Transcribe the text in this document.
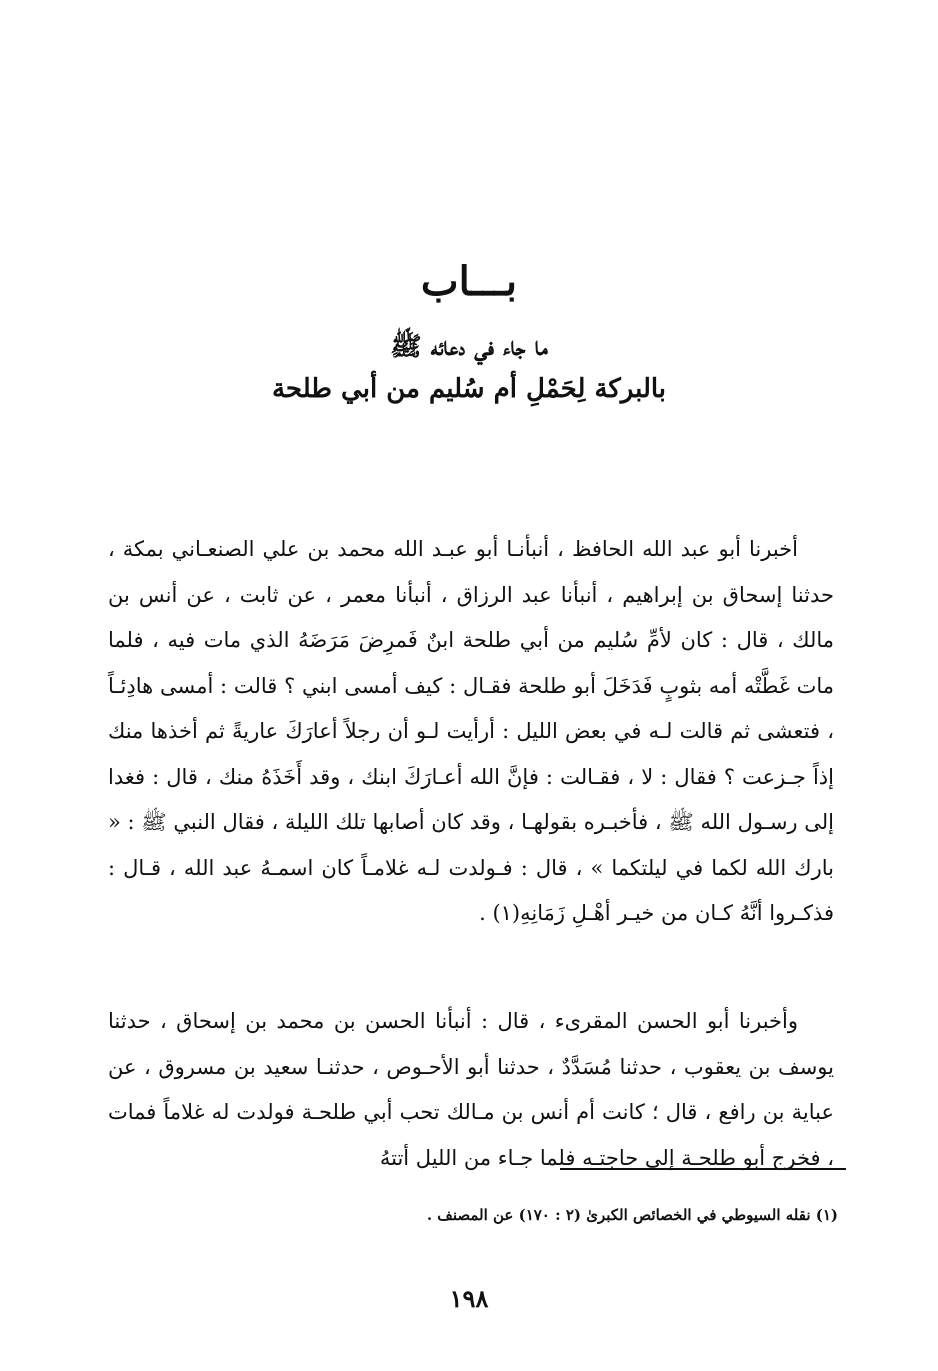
بـــاب
ما جاء في دعائه ﷺ
بالبركة لِحَمْلِ أم سُليم من أبي طلحة

أخبرنا أبو عبد الله الحافظ ، أنبأنـا أبو عبـد الله محمد بن علي الصنعـاني بمكة ، حدثنا إسحاق بن إبراهيم ، أنبأنا عبد الرزاق ، أنبأنا معمر ، عن ثابت ، عن أنس بن مالك ، قال : كان لأمِّ سُليم من أبي طلحة ابنٌ فَمرِضَ مَرَضَهُ الذي مات فيه ، فلما مات غَطَّتْه أمه بثوبٍ فَدَخَلَ أبو طلحة فقـال : كيف أمسى ابني ؟ قالت : أمسى هادِئـاً ، فتعشى ثم قالت لـه في بعض الليل : أرأيت لـو أن رجلاً أعارَكَ عاريةً ثم أخذها منك إذاً جـزعت ؟ فقال : لا ، فقـالت : فإنَّ الله أعـارَكَ ابنك ، وقد أَخَذَهُ منك ، قال : فغدا إلى رسـول الله ﷺ ، فأخبـره بقولهـا ، وقد كان أصابها تلك الليلة ، فقال النبي ﷺ : « بارك الله لكما في ليلتكما » ، قال : فـولدت لـه غلامـاً كان اسمـهُ عبد الله ، قـال : فذكـروا أنَّهُ كـان من خيـر أهْـلِ زَمَانِهِ(١) .

وأخبرنا أبو الحسن المقرىء ، قال : أنبأنا الحسن بن محمد بن إسحاق ، حدثنا يوسف بن يعقوب ، حدثنا مُسَدَّدٌ ، حدثنا أبو الأحـوص ، حدثنـا سعيد بن مسروق ، عن عباية بن رافع ، قال ؛ كانت أم أنس بن مـالك تحب أبي طلحـة فولدت له غلاماً فمات ، فخرج أبو طلحـة إلى حاجتـه فلما جـاء من الليل أتتهُ

(١) نقله السيوطي في الخصائص الكبرىٰ (٢ : ١٧٠) عن المصنف .
١٩٨
